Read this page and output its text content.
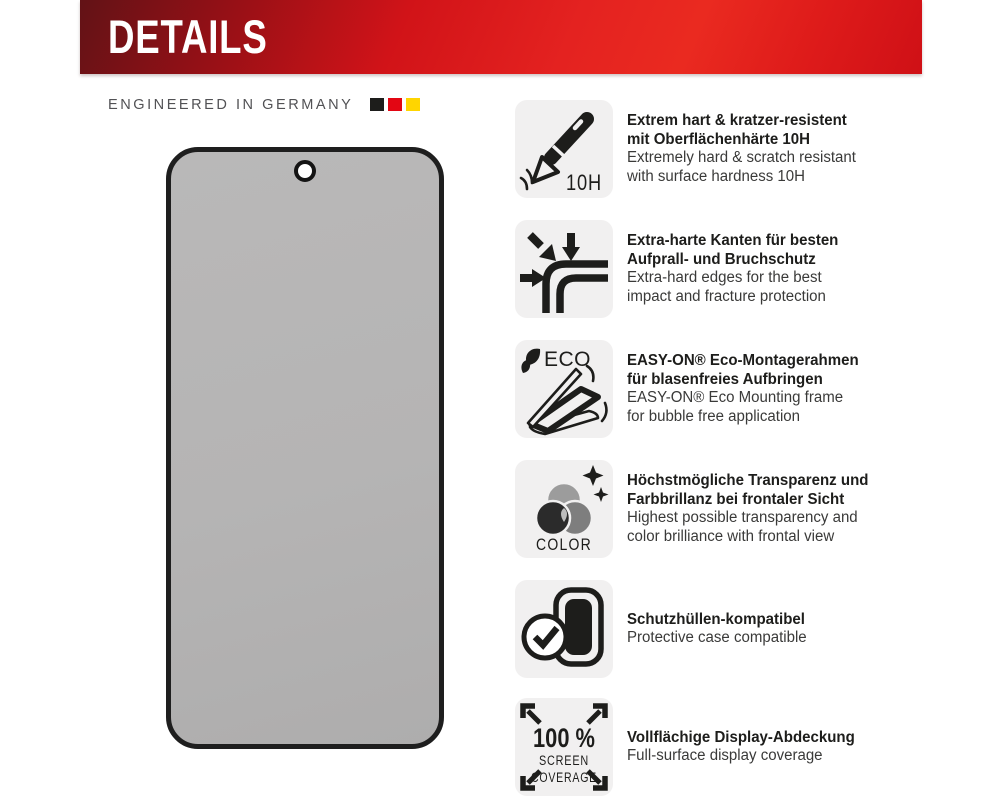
DETAILS
ENGINEERED IN GERMANY
10H
Extrem hart & kratzer-resistent
mit Oberflächenhärte 10H
Extremely hard & scratch resistant
with surface hardness 10H
Extra-harte Kanten für besten
Aufprall- und Bruchschutz
Extra-hard edges for the best
impact and fracture protection
ECO EASY-ON® Eco-Montagerahmen
für blasenfreies Aufbringen
EASY-ON® Eco Mounting frame
for bubble free application
COLOR
Höchstmögliche Transparenz und
Farbbrillanz bei frontaler Sicht
Highest possible transparency and
color brilliance with frontal view
Schutzhüllen-kompatibel
Protective case compatible
100 %
SCREEN
COVERAGE
Vollflächige Display-Abdeckung
Full-surface display coverage
